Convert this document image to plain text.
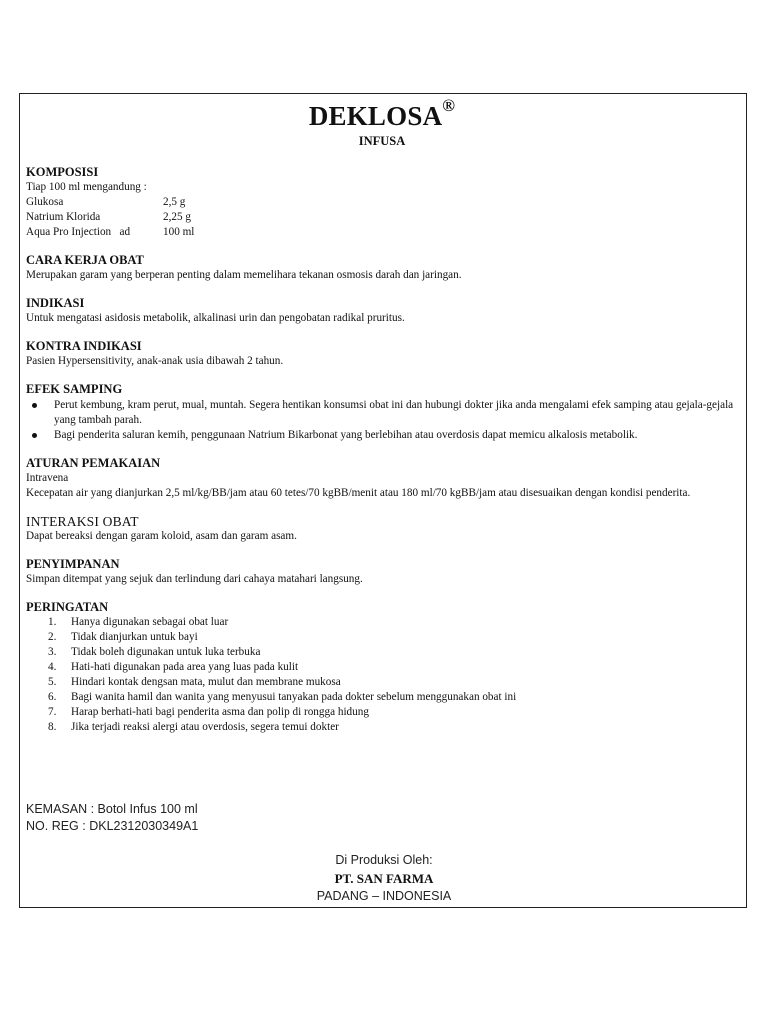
DEKLOSA®
INFUSA
KOMPOSISI
Tiap 100 ml mengandung :
Glukosa	2,5 g
Natrium Klorida	2,25 g
Aqua Pro Injection   ad	100 ml
CARA KERJA OBAT
Merupakan garam yang berperan penting dalam memelihara tekanan osmosis darah dan jaringan.
INDIKASI
Untuk mengatasi asidosis metabolik, alkalinasi urin dan pengobatan radikal pruritus.
KONTRA INDIKASI
Pasien Hypersensitivity, anak-anak usia dibawah 2 tahun.
EFEK SAMPING
Perut kembung, kram perut, mual, muntah. Segera hentikan konsumsi obat ini dan hubungi dokter jika anda mengalami efek samping atau gejala-gejala yang tambah parah.
Bagi penderita saluran kemih, penggunaan Natrium Bikarbonat yang berlebihan atau overdosis dapat memicu alkalosis metabolik.
ATURAN PEMAKAIAN
Intravena
Kecepatan air yang dianjurkan 2,5 ml/kg/BB/jam atau 60 tetes/70 kgBB/menit atau 180 ml/70 kgBB/jam atau disesuaikan dengan kondisi penderita.
INTERAKSI OBAT
Dapat bereaksi dengan garam koloid, asam dan garam asam.
PENYIMPANAN
Simpan ditempat yang sejuk dan terlindung dari cahaya matahari langsung.
PERINGATAN
1. Hanya digunakan sebagai obat luar
2. Tidak dianjurkan untuk bayi
3. Tidak boleh digunakan untuk luka terbuka
4. Hati-hati digunakan pada area yang luas pada kulit
5. Hindari kontak dengsan mata, mulut dan membrane mukosa
6. Bagi wanita hamil dan wanita yang menyusui tanyakan pada dokter sebelum menggunakan obat ini
7. Harap berhati-hati bagi penderita asma dan polip di rongga hidung
8. Jika terjadi reaksi alergi atau overdosis, segera temui dokter
KEMASAN : Botol Infus 100 ml
NO. REG : DKL2312030349A1
Di Produksi Oleh:
PT. SAN FARMA
PADANG – INDONESIA
